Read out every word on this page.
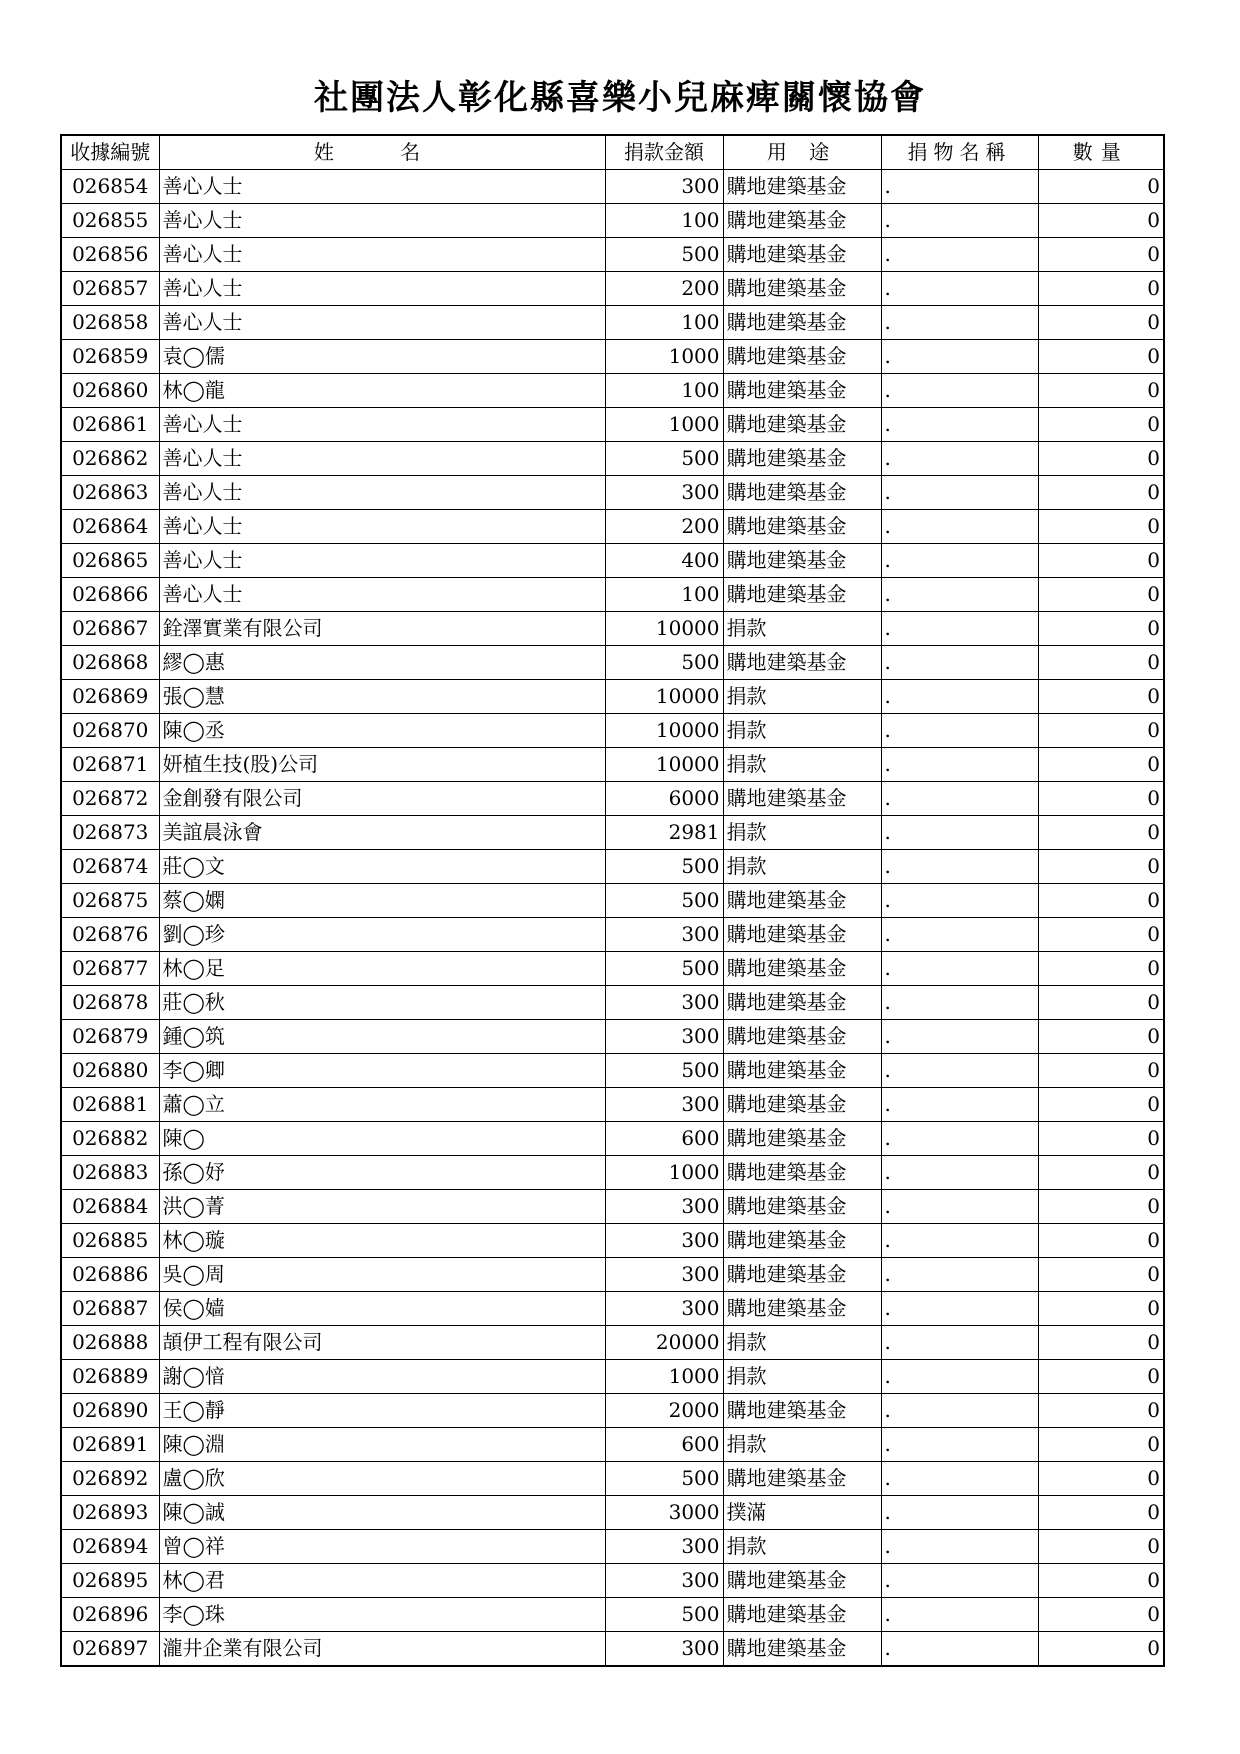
社團法人彰化縣喜樂小兒麻痺關懷協會
收據編號	姓 名	捐款金額	用 途	捐物名稱	數量
026854	善心人士	300	購地建築基金	.	0
026855	善心人士	100	購地建築基金	.	0
026856	善心人士	500	購地建築基金	.	0
026857	善心人士	200	購地建築基金	.	0
026858	善心人士	100	購地建築基金	.	0
026859	袁◯儒	1000	購地建築基金	.	0
026860	林◯龍	100	購地建築基金	.	0
026861	善心人士	1000	購地建築基金	.	0
026862	善心人士	500	購地建築基金	.	0
026863	善心人士	300	購地建築基金	.	0
026864	善心人士	200	購地建築基金	.	0
026865	善心人士	400	購地建築基金	.	0
026866	善心人士	100	購地建築基金	.	0
026867	銓澤實業有限公司	10000	捐款	.	0
026868	繆◯惠	500	購地建築基金	.	0
026869	張◯慧	10000	捐款	.	0
026870	陳◯丞	10000	捐款	.	0
026871	妍植生技(股)公司	10000	捐款	.	0
026872	金創發有限公司	6000	購地建築基金	.	0
026873	美誼晨泳會	2981	捐款	.	0
026874	莊◯文	500	捐款	.	0
026875	蔡◯嫻	500	購地建築基金	.	0
026876	劉◯珍	300	購地建築基金	.	0
026877	林◯足	500	購地建築基金	.	0
026878	莊◯秋	300	購地建築基金	.	0
026879	鍾◯筑	300	購地建築基金	.	0
026880	李◯卿	500	購地建築基金	.	0
026881	蕭◯立	300	購地建築基金	.	0
026882	陳◯	600	購地建築基金	.	0
026883	孫◯妤	1000	購地建築基金	.	0
026884	洪◯菁	300	購地建築基金	.	0
026885	林◯璇	300	購地建築基金	.	0
026886	吳◯周	300	購地建築基金	.	0
026887	侯◯嫱	300	購地建築基金	.	0
026888	頡伊工程有限公司	20000	捐款	.	0
026889	謝◯愔	1000	捐款	.	0
026890	王◯靜	2000	購地建築基金	.	0
026891	陳◯淵	600	捐款	.	0
026892	盧◯欣	500	購地建築基金	.	0
026893	陳◯誠	3000	撲滿	.	0
026894	曾◯祥	300	捐款	.	0
026895	林◯君	300	購地建築基金	.	0
026896	李◯珠	500	購地建築基金	.	0
026897	瀧井企業有限公司	300	購地建築基金	.	0
